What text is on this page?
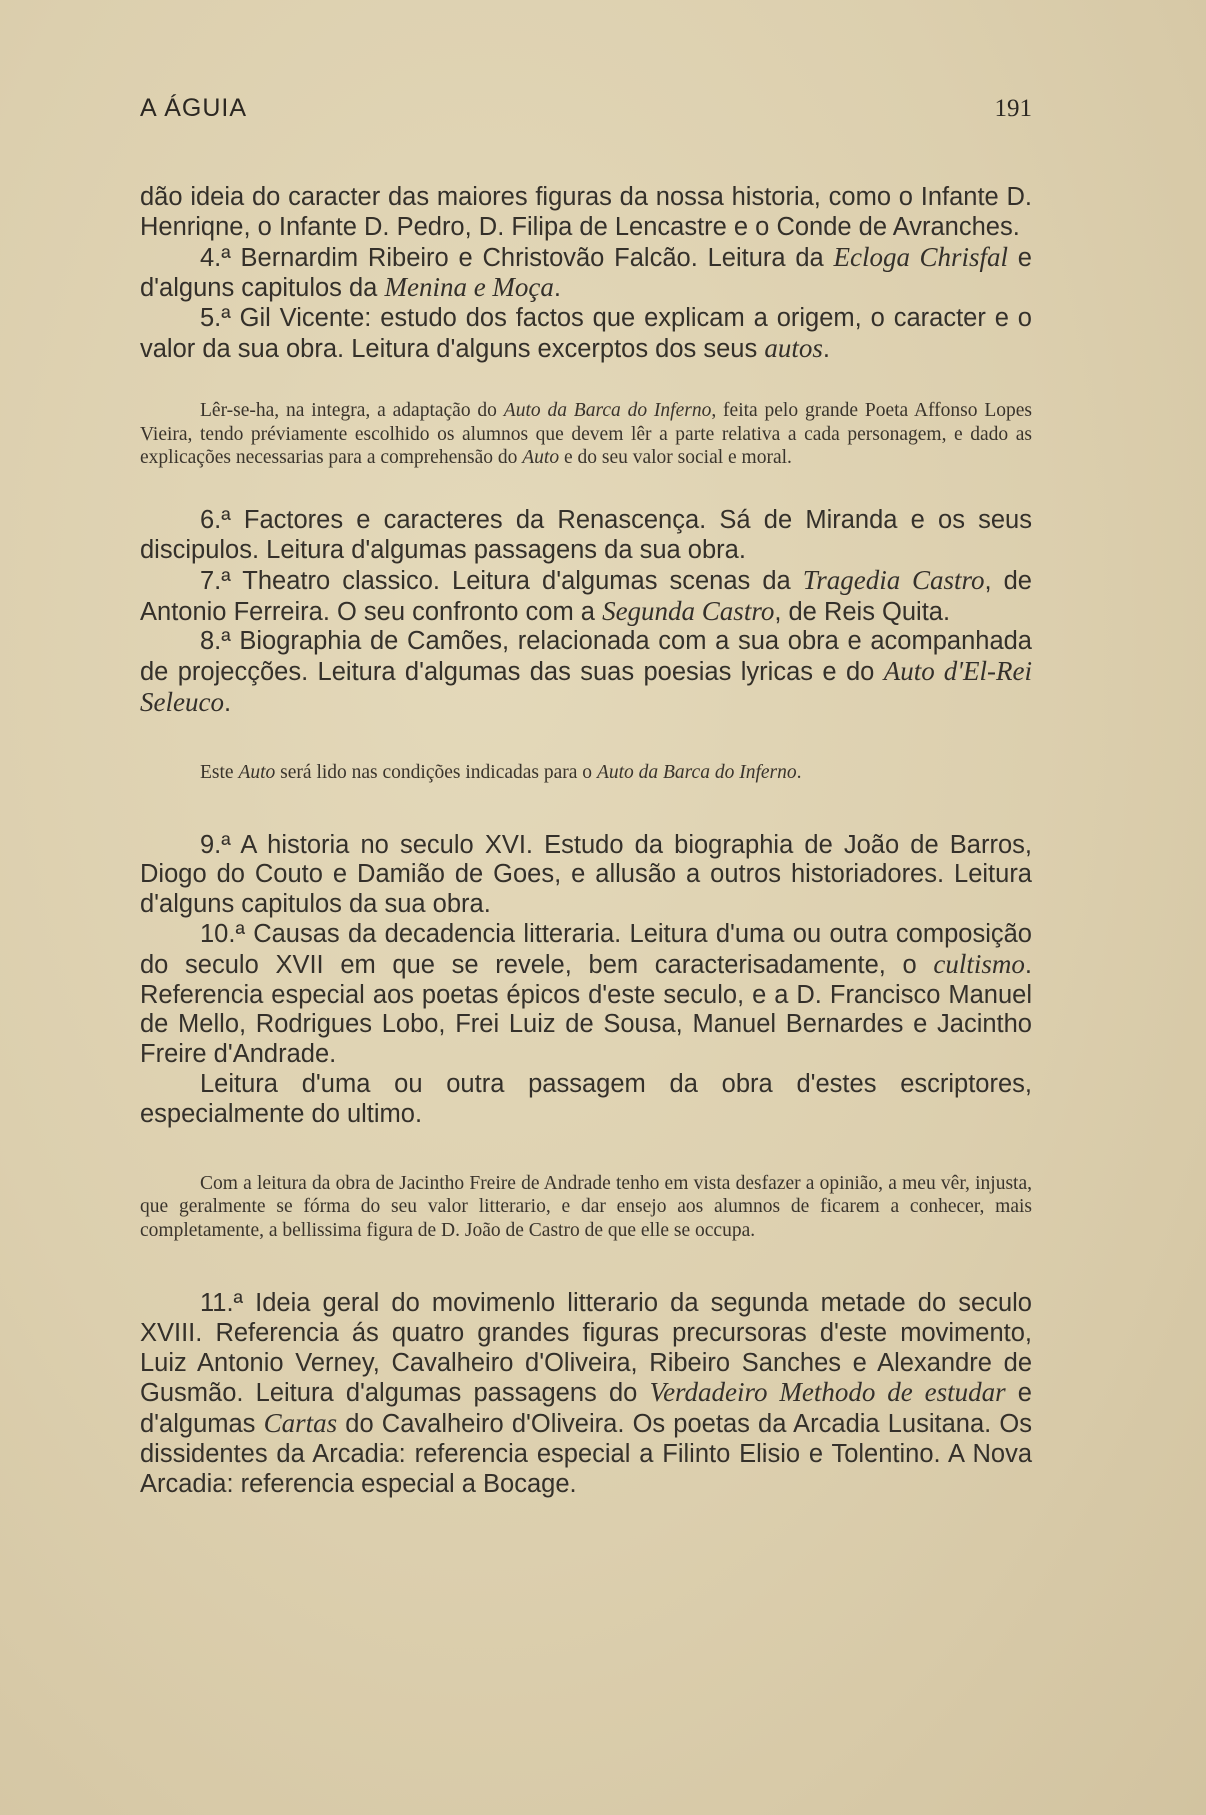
A ÁGUIA	191

dão ideia do caracter das maiores figuras da nossa historia, como o Infante D. Henriqne, o Infante D. Pedro, D. Filipa de Lencastre e o Conde de Avranches.

4.ª Bernardim Ribeiro e Christovão Falcão. Leitura da Ecloga Chrisfal e d'alguns capitulos da Menina e Moça.

5.ª Gil Vicente: estudo dos factos que explicam a origem, o caracter e o valor da sua obra. Leitura d'alguns excerptos dos seus autos.

Lêr-se-ha, na integra, a adaptação do Auto da Barca do Inferno, feita pelo grande Poeta Affonso Lopes Vieira, tendo préviamente escolhido os alumnos que devem lêr a parte relativa a cada personagem, e dado as explicações necessarias para a comprehensão do Auto e do seu valor social e moral.

6.ª Factores e caracteres da Renascença. Sá de Miranda e os seus discipulos. Leitura d'algumas passagens da sua obra.

7.ª Theatro classico. Leitura d'algumas scenas da Tragedia Castro, de Antonio Ferreira. O seu confronto com a Segunda Castro, de Reis Quita.

8.ª Biographia de Camões, relacionada com a sua obra e acompanhada de projecções. Leitura d'algumas das suas poesias lyricas e do Auto d'El-Rei Seleuco.

Este Auto será lido nas condições indicadas para o Auto da Barca do Inferno.

9.ª A historia no seculo XVI. Estudo da biographia de João de Barros, Diogo do Couto e Damião de Goes, e allusão a outros historiadores. Leitura d'alguns capitulos da sua obra.

10.ª Causas da decadencia litteraria. Leitura d'uma ou outra composição do seculo XVII em que se revele, bem caracterisadamente, o cultismo. Referencia especial aos poetas épicos d'este seculo, e a D. Francisco Manuel de Mello, Rodrigues Lobo, Frei Luiz de Sousa, Manuel Bernardes e Jacintho Freire d'Andrade.

Leitura d'uma ou outra passagem da obra d'estes escriptores, especialmente do ultimo.

Com a leitura da obra de Jacintho Freire de Andrade tenho em vista desfazer a opinião, a meu vêr, injusta, que geralmente se fórma do seu valor litterario, e dar ensejo aos alumnos de ficarem a conhecer, mais completamente, a bellissima figura de D. João de Castro de que elle se occupa.

11.ª Ideia geral do movimenlo litterario da segunda metade do seculo XVIII. Referencia ás quatro grandes figuras precursoras d'este movimento, Luiz Antonio Verney, Cavalheiro d'Oliveira, Ribeiro Sanches e Alexandre de Gusmão. Leitura d'algumas passagens do Verdadeiro Methodo de estudar e d'algumas Cartas do Cavalheiro d'Oliveira. Os poetas da Arcadia Lusitana. Os dissidentes da Arcadia: referencia especial a Filinto Elisio e Tolentino. A Nova Arcadia: referencia especial a Bocage.
